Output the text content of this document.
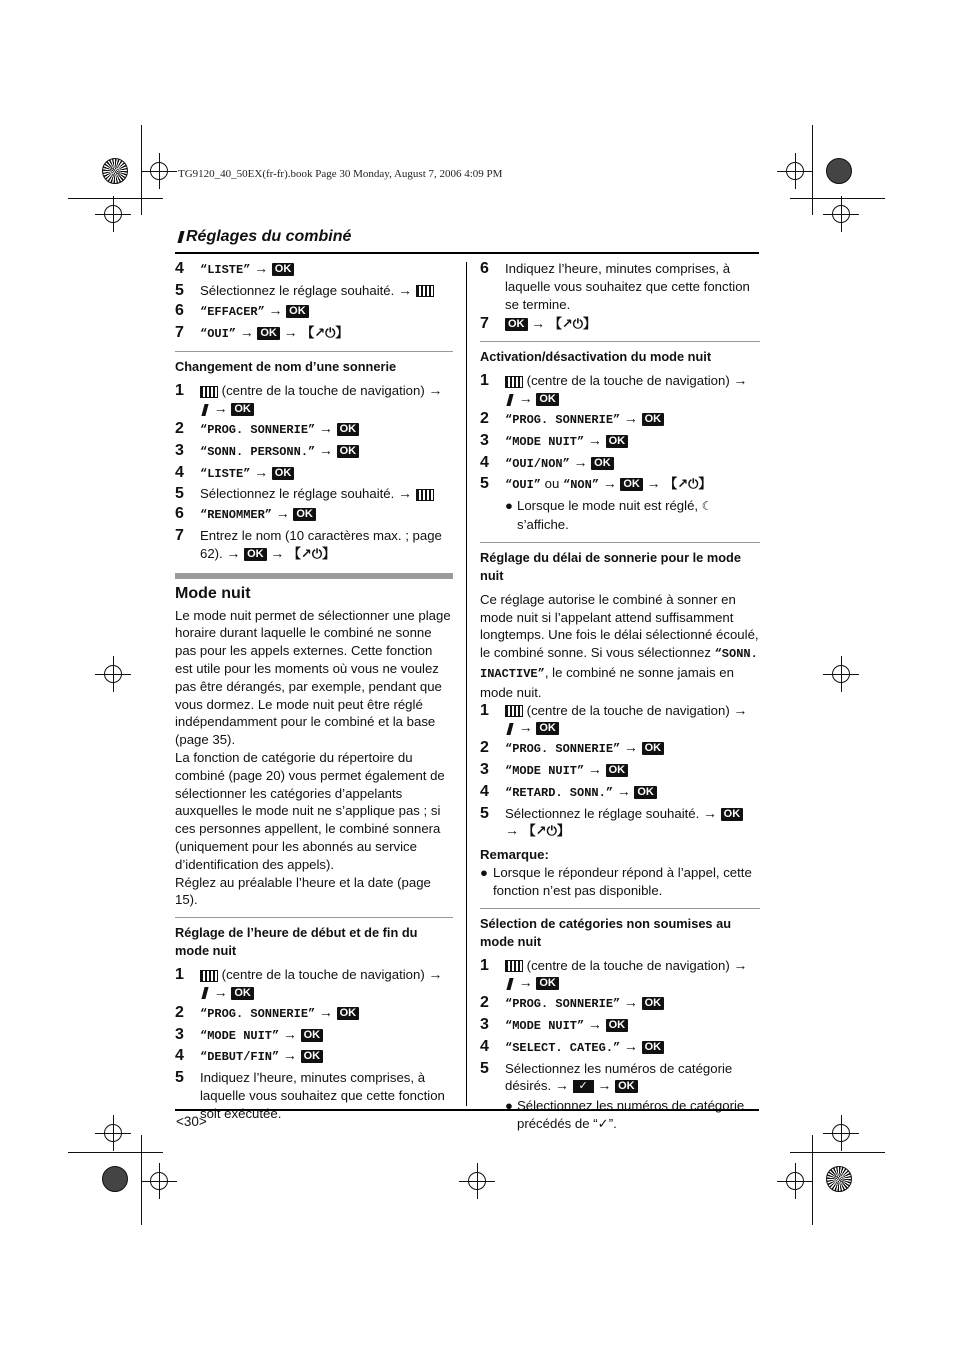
TG9120_40_50EX(fr-fr).book Page 30 Monday, August 7, 2006 4:09 PM
Réglages du combiné
4	“LISTE” → OK
5	Sélectionnez le réglage souhaité. →
6	“EFFACER” → OK
7	“OUI” → OK → 【↗⏻】
Changement de nom d’une sonnerie
1	(centre de la touche de navigation) →
→ OK
2	“PROG. SONNERIE” → OK
3	“SONN. PERSONN.” → OK
4	“LISTE” → OK
5	Sélectionnez le réglage souhaité. →
6	“RENOMMER” → OK
7	Entrez le nom (10 caractères max. ; page 62). → OK → 【↗⏻】
Mode nuit

Le mode nuit permet de sélectionner une plage horaire durant laquelle le combiné ne sonne pas pour les appels externes. Cette fonction est utile pour les moments où vous ne voulez pas être dérangés, par exemple, pendant que vous dormez. Le mode nuit peut être réglé indépendamment pour le combiné et la base (page 35).

La fonction de catégorie du répertoire du combiné (page 20) vous permet également de sélectionner les catégories d’appelants auxquelles le mode nuit ne s’applique pas ; si ces personnes appellent, le combiné sonnera (uniquement pour les abonnés au service d’identification des appels).

Réglez au préalable l’heure et la date (page 15).

Réglage de l’heure de début et de fin du mode nuit
1	(centre de la touche de navigation) →
→ OK
2	“PROG. SONNERIE” → OK
3	“MODE NUIT” → OK
4	“DEBUT/FIN” → OK
5	Indiquez l’heure, minutes comprises, à laquelle vous souhaitez que cette fonction soit exécutée.
6	Indiquez l’heure, minutes comprises, à laquelle vous souhaitez que cette fonction se termine.
7	OK → 【↗⏻】
Activation/désactivation du mode nuit
1	(centre de la touche de navigation) →
→ OK
2	“PROG. SONNERIE” → OK
3	“MODE NUIT” → OK
4	“OUI/NON” → OK
5	“OUI” ou “NON” → OK → 【↗⏻】
● Lorsque le mode nuit est réglé, ☾
s’affiche.
Réglage du délai de sonnerie pour le mode nuit

Ce réglage autorise le combiné à sonner en mode nuit si l’appelant attend suffisamment longtemps. Une fois le délai sélectionné écoulé, le combiné sonne. Si vous sélectionnez “SONN. INACTIVE”, le combiné ne sonne jamais en mode nuit.

1	(centre de la touche de navigation) →
→ OK
2	“PROG. SONNERIE” → OK
3	“MODE NUIT” → OK
4	“RETARD. SONN.” → OK
5	Sélectionnez le réglage souhaité. → OK
→ 【↗⏻】
Remarque:
● Lorsque le répondeur répond à l’appel, cette fonction n’est pas disponible.
Sélection de catégories non soumises au mode nuit
1	(centre de la touche de navigation) →
→ OK
2	“PROG. SONNERIE” → OK
3	“MODE NUIT” → OK
4	“SELECT. CATEG.” → OK
5	Sélectionnez les numéros de catégorie désirés. → ✓ → OK
● Sélectionnez les numéros de catégorie précédés de “✓”.
<30>
